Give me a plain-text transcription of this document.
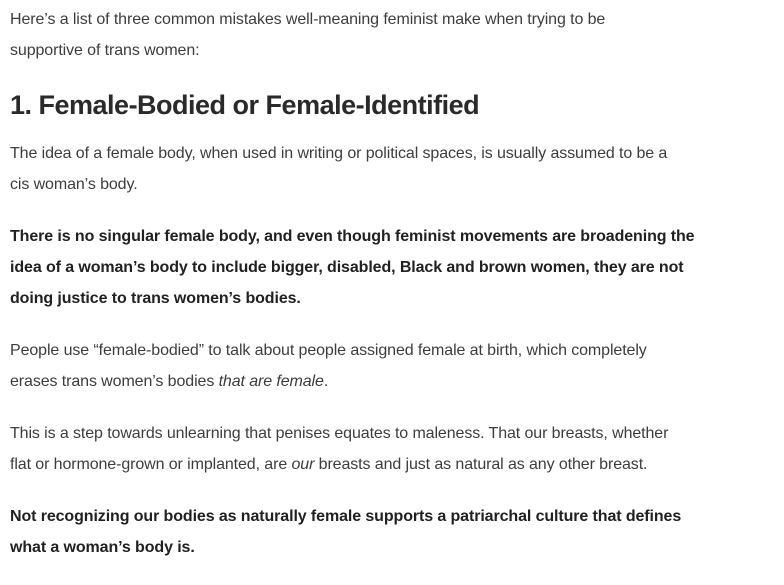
Here’s a list of three common mistakes well-meaning feminist make when trying to be
supportive of trans women:

1. Female-Bodied or Female-Identified

The idea of a female body, when used in writing or political spaces, is usually assumed to be a
cis woman’s body.

There is no singular female body, and even though feminist movements are broadening the
idea of a woman’s body to include bigger, disabled, Black and brown women, they are not
doing justice to trans women’s bodies.

People use “female-bodied” to talk about people assigned female at birth, which completely
erases trans women’s bodies that are female.

This is a step towards unlearning that penises equates to maleness. That our breasts, whether
flat or hormone-grown or implanted, are our breasts and just as natural as any other breast.

Not recognizing our bodies as naturally female supports a patriarchal culture that defines
what a woman’s body is.
